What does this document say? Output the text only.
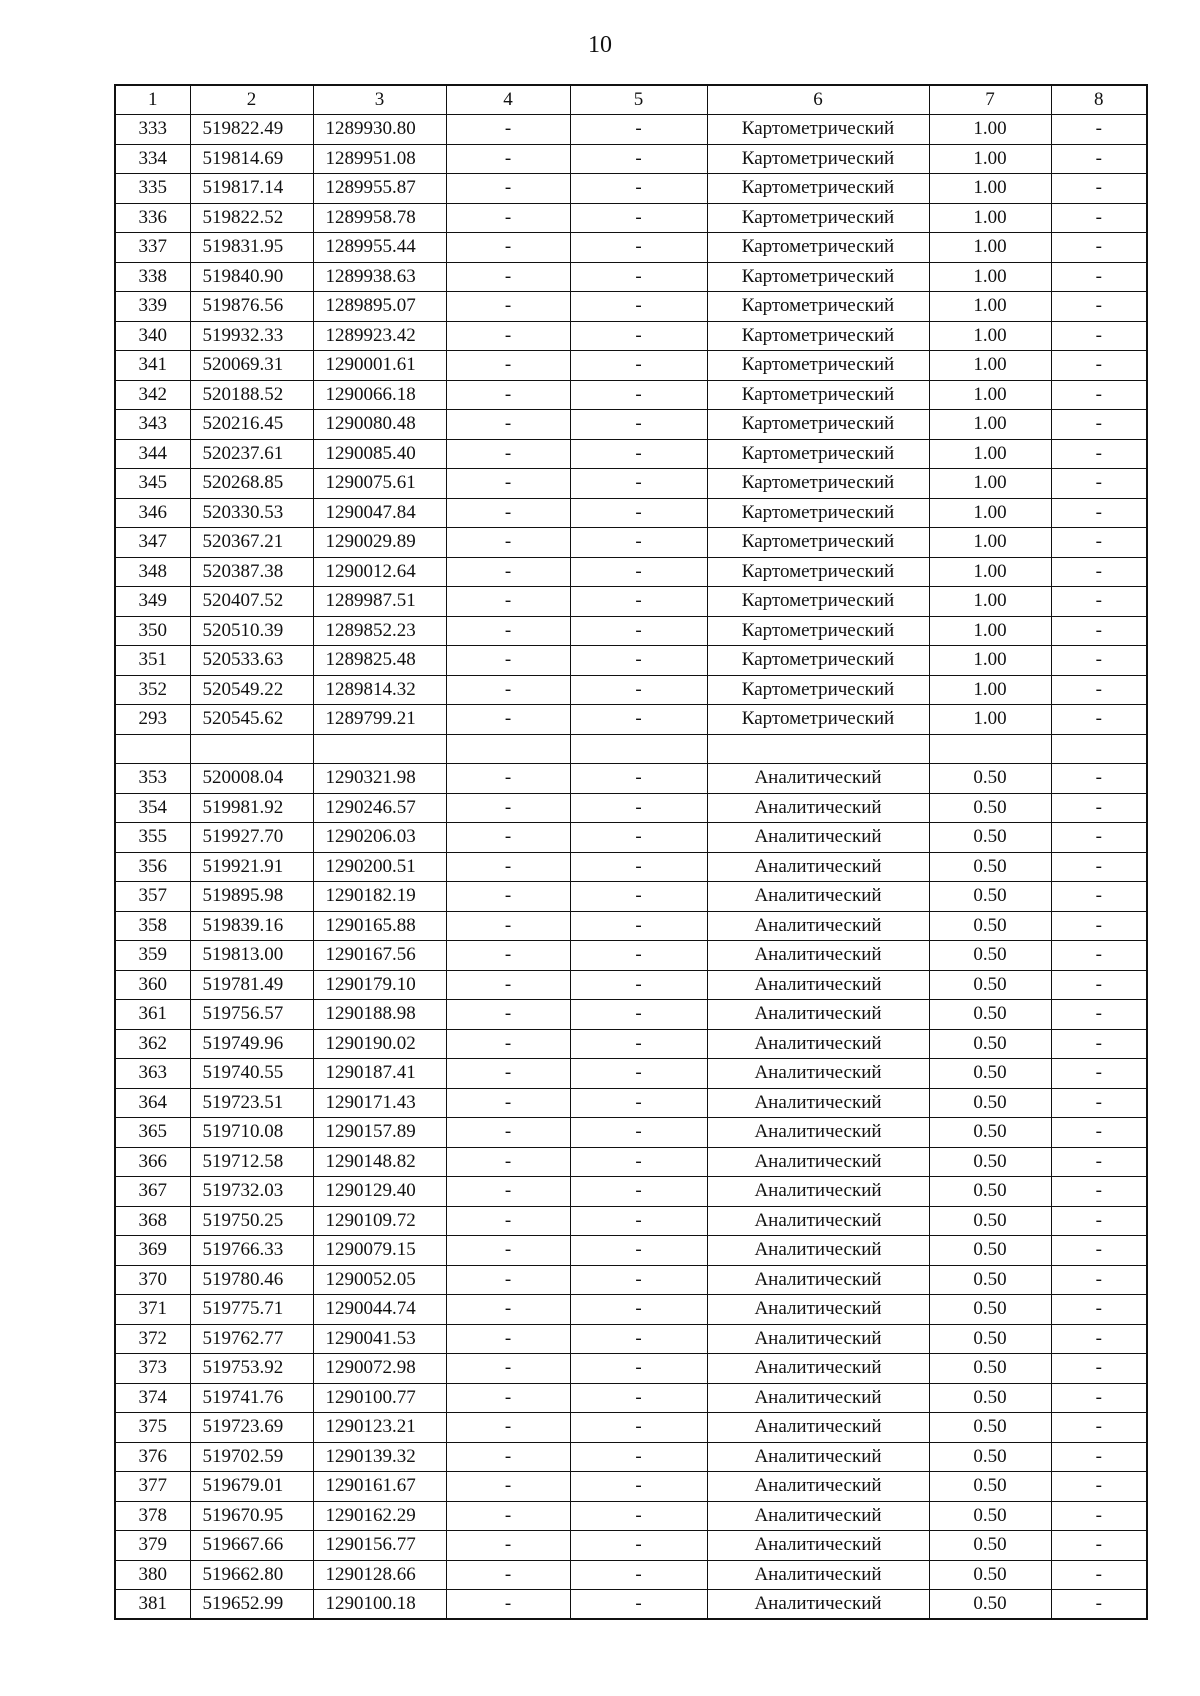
10
1	2	3	4	5	6	7	8
333	519822.49	1289930.80	-	-	Картометрический	1.00	-
334	519814.69	1289951.08	-	-	Картометрический	1.00	-
335	519817.14	1289955.87	-	-	Картометрический	1.00	-
336	519822.52	1289958.78	-	-	Картометрический	1.00	-
337	519831.95	1289955.44	-	-	Картометрический	1.00	-
338	519840.90	1289938.63	-	-	Картометрический	1.00	-
339	519876.56	1289895.07	-	-	Картометрический	1.00	-
340	519932.33	1289923.42	-	-	Картометрический	1.00	-
341	520069.31	1290001.61	-	-	Картометрический	1.00	-
342	520188.52	1290066.18	-	-	Картометрический	1.00	-
343	520216.45	1290080.48	-	-	Картометрический	1.00	-
344	520237.61	1290085.40	-	-	Картометрический	1.00	-
345	520268.85	1290075.61	-	-	Картометрический	1.00	-
346	520330.53	1290047.84	-	-	Картометрический	1.00	-
347	520367.21	1290029.89	-	-	Картометрический	1.00	-
348	520387.38	1290012.64	-	-	Картометрический	1.00	-
349	520407.52	1289987.51	-	-	Картометрический	1.00	-
350	520510.39	1289852.23	-	-	Картометрический	1.00	-
351	520533.63	1289825.48	-	-	Картометрический	1.00	-
352	520549.22	1289814.32	-	-	Картометрический	1.00	-
293	520545.62	1289799.21	-	-	Картометрический	1.00	-

353	520008.04	1290321.98	-	-	Аналитический	0.50	-
354	519981.92	1290246.57	-	-	Аналитический	0.50	-
355	519927.70	1290206.03	-	-	Аналитический	0.50	-
356	519921.91	1290200.51	-	-	Аналитический	0.50	-
357	519895.98	1290182.19	-	-	Аналитический	0.50	-
358	519839.16	1290165.88	-	-	Аналитический	0.50	-
359	519813.00	1290167.56	-	-	Аналитический	0.50	-
360	519781.49	1290179.10	-	-	Аналитический	0.50	-
361	519756.57	1290188.98	-	-	Аналитический	0.50	-
362	519749.96	1290190.02	-	-	Аналитический	0.50	-
363	519740.55	1290187.41	-	-	Аналитический	0.50	-
364	519723.51	1290171.43	-	-	Аналитический	0.50	-
365	519710.08	1290157.89	-	-	Аналитический	0.50	-
366	519712.58	1290148.82	-	-	Аналитический	0.50	-
367	519732.03	1290129.40	-	-	Аналитический	0.50	-
368	519750.25	1290109.72	-	-	Аналитический	0.50	-
369	519766.33	1290079.15	-	-	Аналитический	0.50	-
370	519780.46	1290052.05	-	-	Аналитический	0.50	-
371	519775.71	1290044.74	-	-	Аналитический	0.50	-
372	519762.77	1290041.53	-	-	Аналитический	0.50	-
373	519753.92	1290072.98	-	-	Аналитический	0.50	-
374	519741.76	1290100.77	-	-	Аналитический	0.50	-
375	519723.69	1290123.21	-	-	Аналитический	0.50	-
376	519702.59	1290139.32	-	-	Аналитический	0.50	-
377	519679.01	1290161.67	-	-	Аналитический	0.50	-
378	519670.95	1290162.29	-	-	Аналитический	0.50	-
379	519667.66	1290156.77	-	-	Аналитический	0.50	-
380	519662.80	1290128.66	-	-	Аналитический	0.50	-
381	519652.99	1290100.18	-	-	Аналитический	0.50	-
